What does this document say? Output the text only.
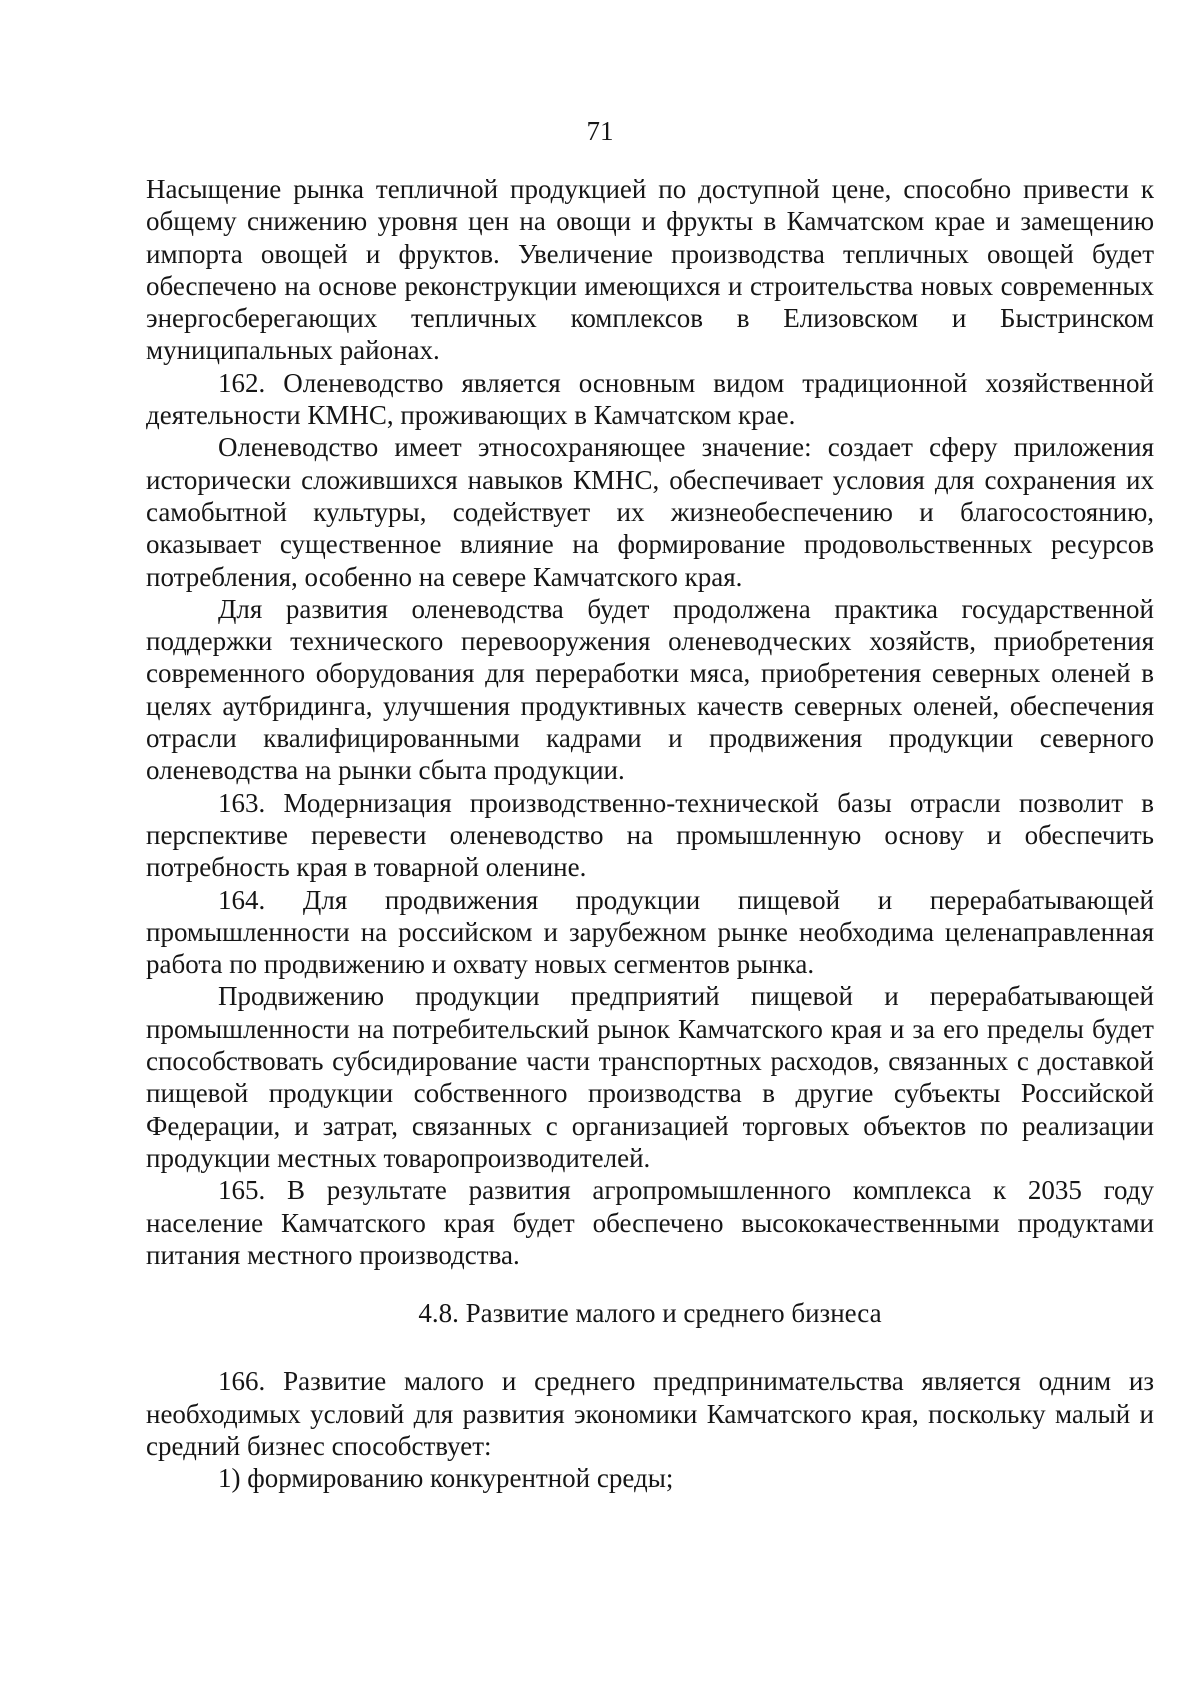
71

Насыщение рынка тепличной продукцией по доступной цене, способно привести к общему снижению уровня цен на овощи и фрукты в Камчатском крае и замещению импорта овощей и фруктов. Увеличение производства тепличных овощей будет обеспечено на основе реконструкции имеющихся и строительства новых современных энергосберегающих тепличных комплексов в Елизовском и Быстринском муниципальных районах.

162. Оленеводство является основным видом традиционной хозяйственной деятельности КМНС, проживающих в Камчатском крае.

Оленеводство имеет этносохраняющее значение: создает сферу приложения исторически сложившихся навыков КМНС, обеспечивает условия для сохранения их самобытной культуры, содействует их жизнеобеспечению и благосостоянию, оказывает существенное влияние на формирование продовольственных ресурсов потребления, особенно на севере Камчатского края.

Для развития оленеводства будет продолжена практика государственной поддержки технического перевооружения оленеводческих хозяйств, приобретения современного оборудования для переработки мяса, приобретения северных оленей в целях аутбридинга, улучшения продуктивных качеств северных оленей, обеспечения отрасли квалифицированными кадрами и продвижения продукции северного оленеводства на рынки сбыта продукции.

163. Модернизация производственно-технической базы отрасли позволит в перспективе перевести оленеводство на промышленную основу и обеспечить потребность края в товарной оленине.

164. Для продвижения продукции пищевой и перерабатывающей промышленности на российском и зарубежном рынке необходима целенаправленная работа по продвижению и охвату новых сегментов рынка.

Продвижению продукции предприятий пищевой и перерабатывающей промышленности на потребительский рынок Камчатского края и за его пределы будет способствовать субсидирование части транспортных расходов, связанных с доставкой пищевой продукции собственного производства в другие субъекты Российской Федерации, и затрат, связанных с организацией торговых объектов по реализации продукции местных товаропроизводителей.

165. В результате развития агропромышленного комплекса к 2035 году население Камчатского края будет обеспечено высококачественными продуктами питания местного производства.

4.8. Развитие малого и среднего бизнеса

166. Развитие малого и среднего предпринимательства является одним из необходимых условий для развития экономики Камчатского края, поскольку малый и средний бизнес способствует:

1) формированию конкурентной среды;
